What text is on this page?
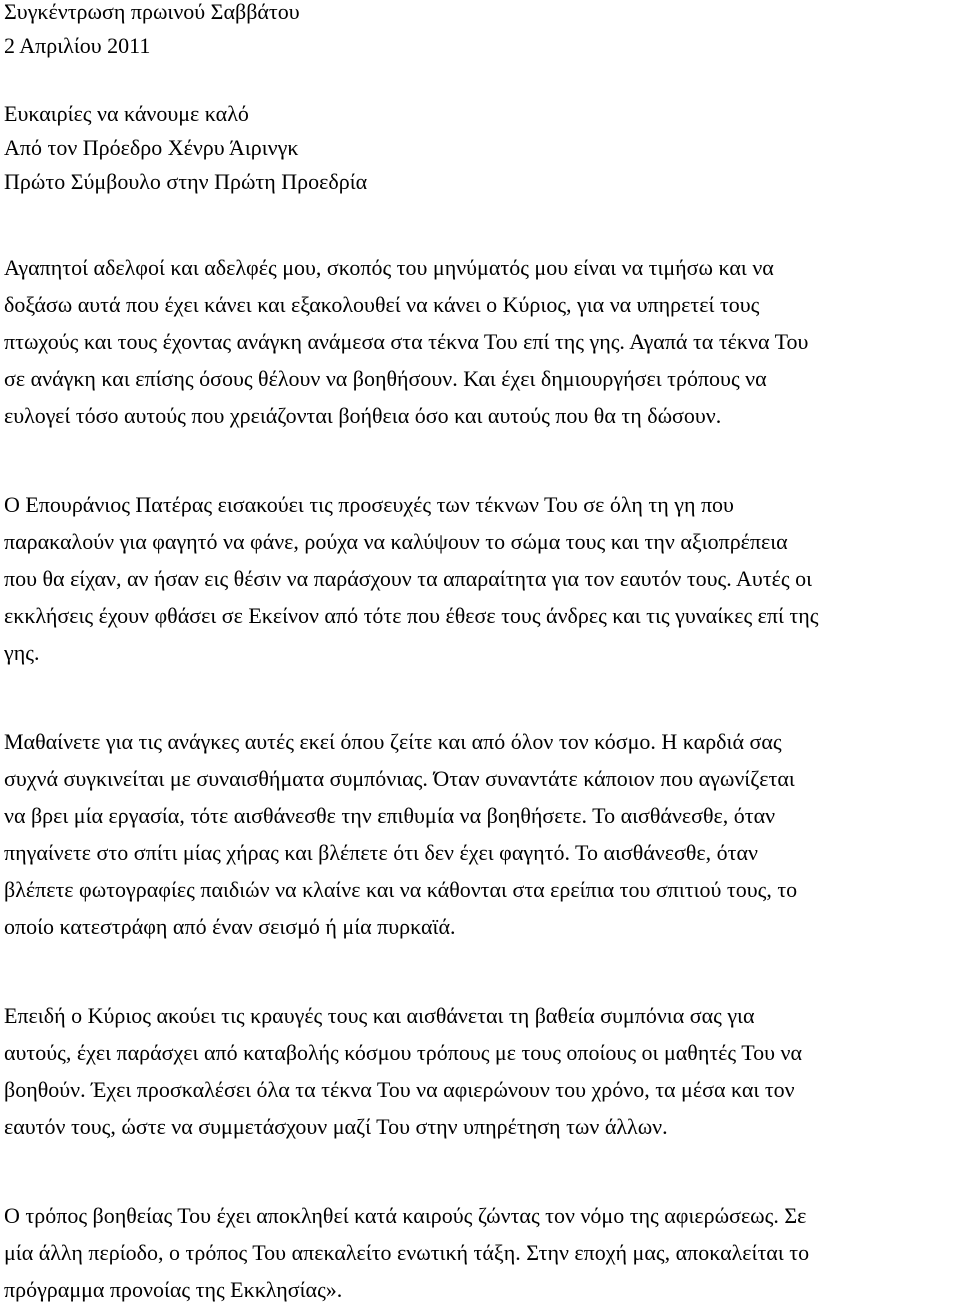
Συγκέντρωση πρωινού Σαββάτου
2 Απριλίου 2011
Ευκαιρίες να κάνουμε καλό
Από τον Πρόεδρο Χένρυ Άιρινγκ
Πρώτο Σύμβουλο στην Πρώτη Προεδρία
Αγαπητοί αδελφοί και αδελφές μου, σκοπός του μηνύματός μου είναι να τιμήσω και να
δοξάσω αυτά που έχει κάνει και εξακολουθεί να κάνει ο Κύριος, για να υπηρετεί τους
πτωχούς και τους έχοντας ανάγκη ανάμεσα στα τέκνα Του επί της γης. Αγαπά τα τέκνα Του
σε ανάγκη και επίσης όσους θέλουν να βοηθήσουν. Και έχει δημιουργήσει τρόπους να
ευλογεί τόσο αυτούς που χρειάζονται βοήθεια όσο και αυτούς που θα τη δώσουν.
Ο Επουράνιος Πατέρας εισακούει τις προσευχές των τέκνων Του σε όλη τη γη που
παρακαλούν για φαγητό να φάνε, ρούχα να καλύψουν το σώμα τους και την αξιοπρέπεια
που θα είχαν, αν ήσαν εις θέσιν να παράσχουν τα απαραίτητα για τον εαυτόν τους. Αυτές οι
εκκλήσεις έχουν φθάσει σε Εκείνον από τότε που έθεσε τους άνδρες και τις γυναίκες επί της
γης.
Μαθαίνετε για τις ανάγκες αυτές εκεί όπου ζείτε και από όλον τον κόσμο. Η καρδιά σας
συχνά συγκινείται με συναισθήματα συμπόνιας. Όταν συναντάτε κάποιον που αγωνίζεται
να βρει μία εργασία, τότε αισθάνεσθε την επιθυμία να βοηθήσετε. Το αισθάνεσθε, όταν
πηγαίνετε στο σπίτι μίας χήρας και βλέπετε ότι δεν έχει φαγητό. Το αισθάνεσθε, όταν
βλέπετε φωτογραφίες παιδιών να κλαίνε και να κάθονται στα ερείπια του σπιτιού τους, το
οποίο κατεστράφη από έναν σεισμό ή μία πυρκαϊά.
Επειδή ο Κύριος ακούει τις κραυγές τους και αισθάνεται τη βαθεία συμπόνια σας για
αυτούς, έχει παράσχει από καταβολής κόσμου τρόπους με τους οποίους οι μαθητές Του να
βοηθούν. Έχει προσκαλέσει όλα τα τέκνα Του να αφιερώνουν του χρόνο, τα μέσα και τον
εαυτόν τους, ώστε να συμμετάσχουν μαζί Του στην υπηρέτηση των άλλων.
Ο τρόπος βοηθείας Του έχει αποκληθεί κατά καιρούς ζώντας τον νόμο της αφιερώσεως. Σε
μία άλλη περίοδο, ο τρόπος Του απεκαλείτο ενωτική τάξη. Στην εποχή μας, αποκαλείται το
πρόγραμμα προνοίας της Εκκλησίας».
